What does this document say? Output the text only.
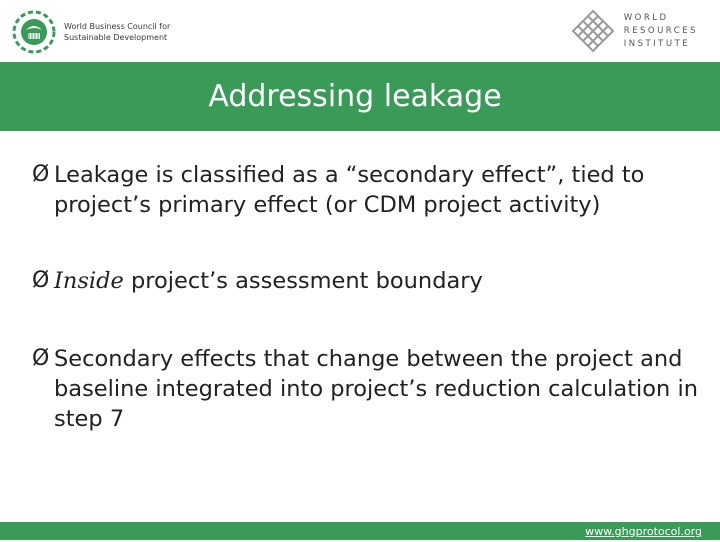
World Business Council for
Sustainable Development
WORLD
RESOURCES
INSTITUTE
Addressing leakage
Ø Leakage is classified as a “secondary effect”, tied to project’s primary effect (or CDM project activity)
Ø Inside project’s assessment boundary
Ø Secondary effects that change between the project and baseline integrated into project’s reduction calculation in step 7
www.ghgprotocol.org
